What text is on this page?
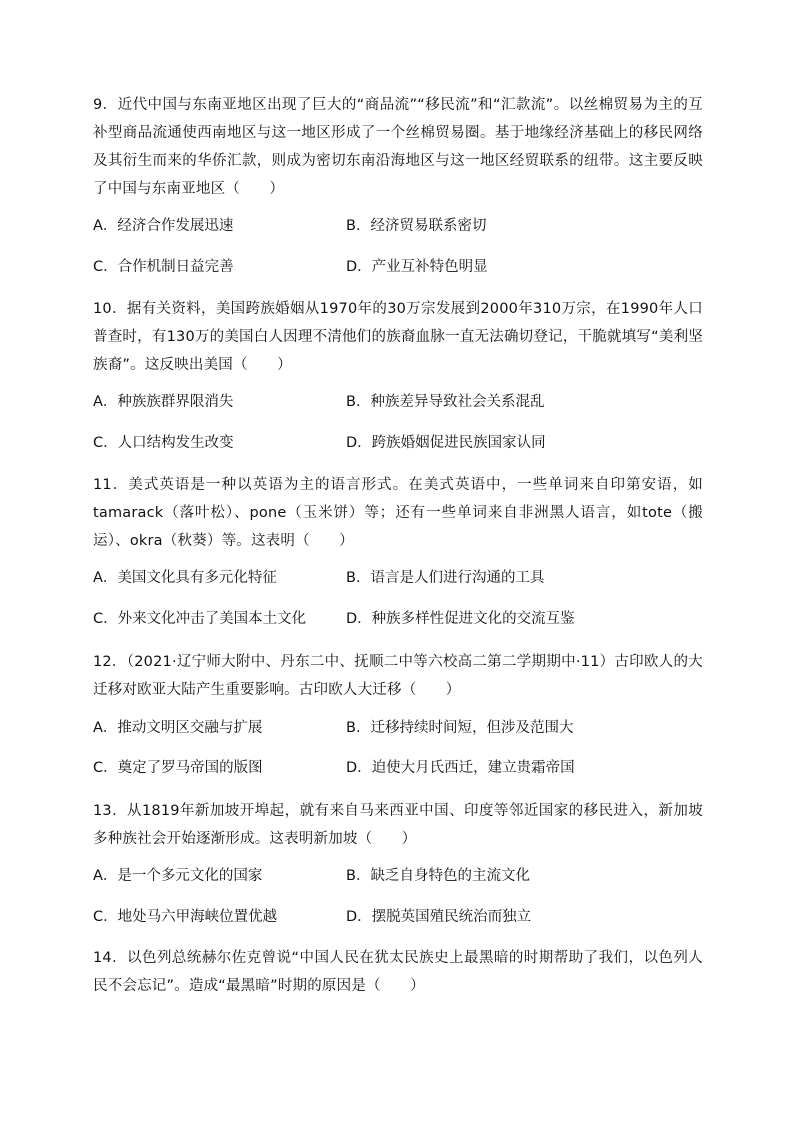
9．近代中国与东南亚地区出现了巨大的“商品流”“移民流”和“汇款流”。以丝棉贸易为主的互补型商品流通使西南地区与这一地区形成了一个丝棉贸易圈。基于地缘经济基础上的移民网络及其衍生而来的华侨汇款，则成为密切东南沿海地区与这一地区经贸联系的纽带。这主要反映了中国与东南亚地区（　　）
A．经济合作发展迅速	B．经济贸易联系密切
C．合作机制日益完善	D．产业互补特色明显
10．据有关资料，美国跨族婚姻从1970年的30万宗发展到2000年310万宗，在1990年人口普查时，有130万的美国白人因理不清他们的族裔血脉一直无法确切登记，干脆就填写“美利坚族裔”。这反映出美国（　　）
A．种族族群界限消失	B．种族差异导致社会关系混乱
C．人口结构发生改变	D．跨族婚姻促进民族国家认同
11．美式英语是一种以英语为主的语言形式。在美式英语中，一些单词来自印第安语，如tamarack（落叶松）、pone（玉米饼）等；还有一些单词来自非洲黑人语言，如tote（搬运）、okra（秋葵）等。这表明（　　）
A．美国文化具有多元化特征	B．语言是人们进行沟通的工具
C．外来文化冲击了美国本土文化	D．种族多样性促进文化的交流互鉴
12．（2021·辽宁师大附中、丹东二中、抚顺二中等六校高二第二学期期中·11）古印欧人的大迁移对欧亚大陆产生重要影响。古印欧人大迁移（　　）
A．推动文明区交融与扩展	B．迁移持续时间短，但涉及范围大
C．奠定了罗马帝国的版图	D．迫使大月氏西迁，建立贵霜帝国
13．从1819年新加坡开埠起，就有来自马来西亚中国、印度等邻近国家的移民进入，新加坡多种族社会开始逐渐形成。这表明新加坡（　　）
A．是一个多元文化的国家	B．缺乏自身特色的主流文化
C．地处马六甲海峡位置优越	D．摆脱英国殖民统治而独立
14．以色列总统赫尔佐克曾说“中国人民在犹太民族史上最黑暗的时期帮助了我们，以色列人民不会忘记”。造成“最黑暗”时期的原因是（　　）
